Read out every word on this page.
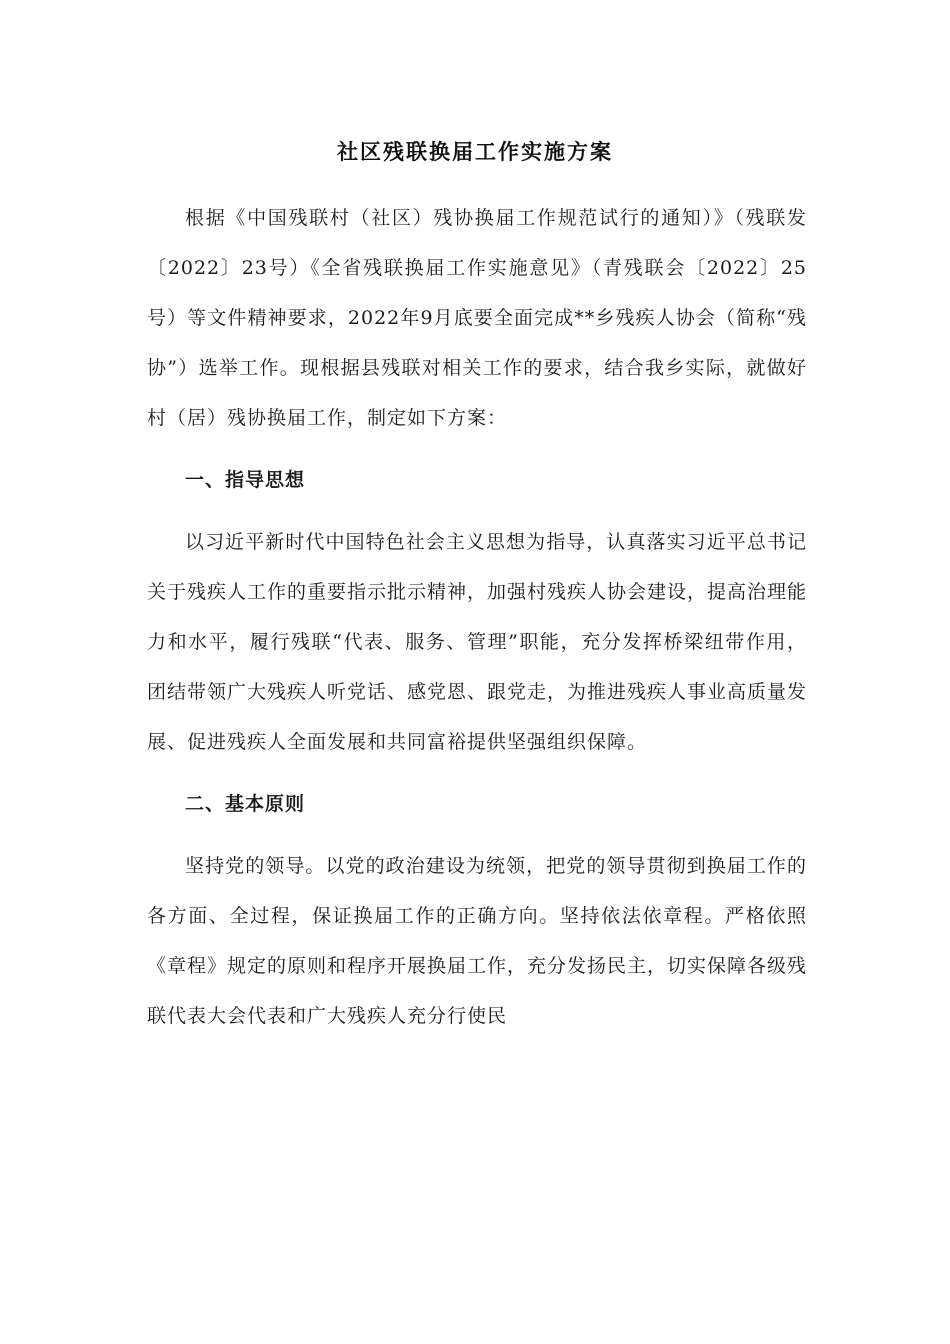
社区残联换届工作实施方案

根据《中国残联村（社区）残协换届工作规范试行的通知）》（残联发〔2022〕23号）《全省残联换届工作实施意见》（青残联会〔2022〕25号）等文件精神要求，2022年9月底要全面完成**乡残疾人协会（简称“残协”）选举工作。现根据县残联对相关工作的要求，结合我乡实际，就做好村（居）残协换届工作，制定如下方案：

一、指导思想

以习近平新时代中国特色社会主义思想为指导，认真落实习近平总书记关于残疾人工作的重要指示批示精神，加强村残疾人协会建设，提高治理能力和水平，履行残联“代表、服务、管理”职能，充分发挥桥梁纽带作用，团结带领广大残疾人听党话、感党恩、跟党走，为推进残疾人事业高质量发展、促进残疾人全面发展和共同富裕提供坚强组织保障。

二、基本原则

坚持党的领导。以党的政治建设为统领，把党的领导贯彻到换届工作的各方面、全过程，保证换届工作的正确方向。坚持依法依章程。严格依照《章程》规定的原则和程序开展换届工作，充分发扬民主，切实保障各级残联代表大会代表和广大残疾人充分行使民
